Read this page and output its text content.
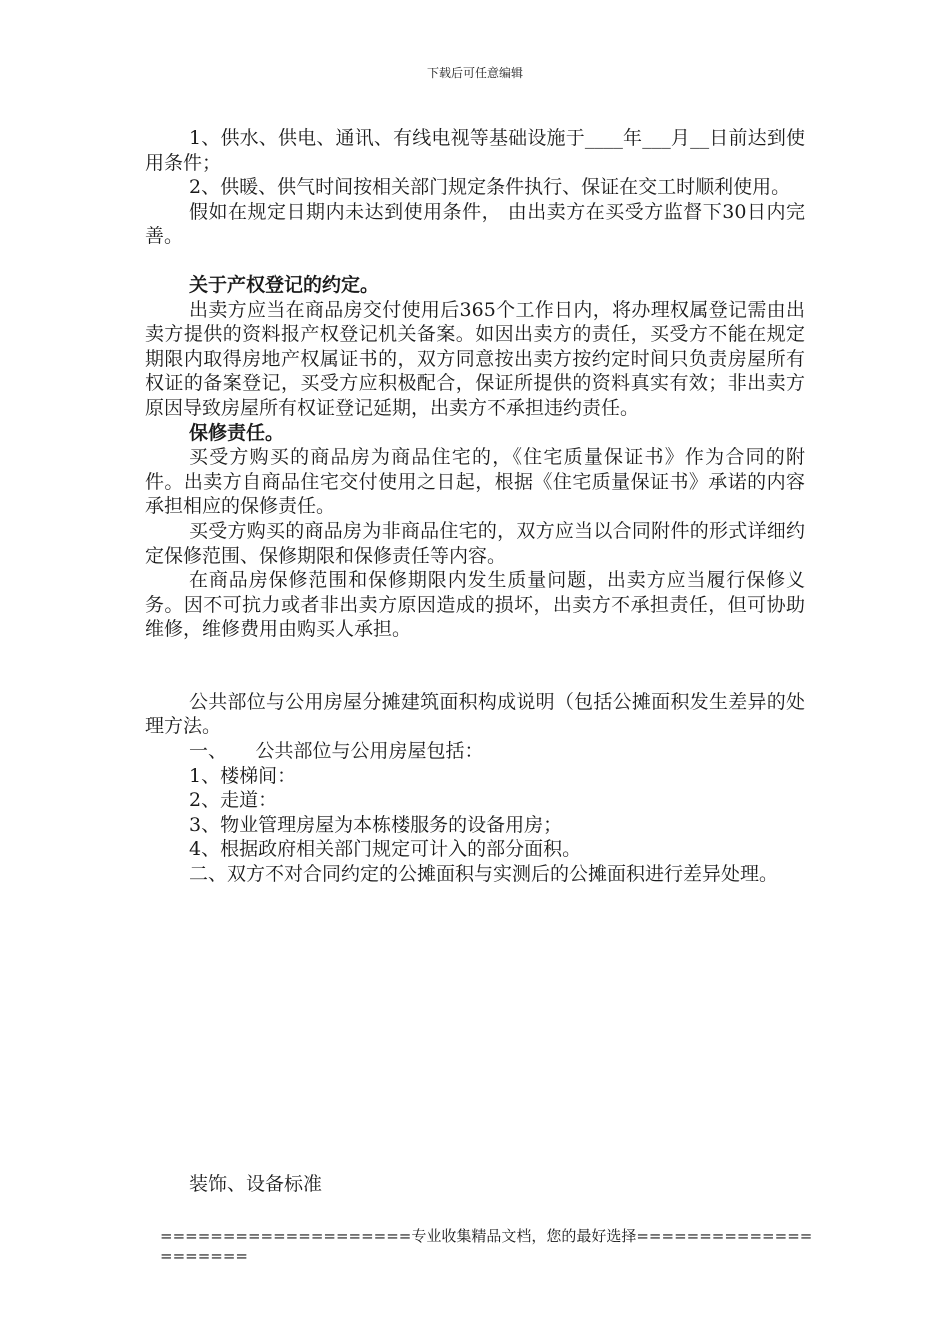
下载后可任意编辑

1、供水、供电、通讯、有线电视等基础设施于____年___月__日前达到使用条件；

2、供暖、供气时间按相关部门规定条件执行、保证在交工时顺利使用。

假如在规定日期内未达到使用条件， 由出卖方在买受方监督下30日内完善。

关于产权登记的约定。

出卖方应当在商品房交付使用后365个工作日内，将办理权属登记需由出卖方提供的资料报产权登记机关备案。如因出卖方的责任，买受方不能在规定期限内取得房地产权属证书的，双方同意按出卖方按约定时间只负责房屋所有权证的备案登记，买受方应积极配合，保证所提供的资料真实有效；非出卖方原因导致房屋所有权证登记延期，出卖方不承担违约责任。

保修责任。

买受方购买的商品房为商品住宅的，《住宅质量保证书》作为合同的附件。出卖方自商品住宅交付使用之日起，根据《住宅质量保证书》承诺的内容承担相应的保修责任。

买受方购买的商品房为非商品住宅的，双方应当以合同附件的形式详细约定保修范围、保修期限和保修责任等内容。

在商品房保修范围和保修期限内发生质量问题，出卖方应当履行保修义务。因不可抗力或者非出卖方原因造成的损坏，出卖方不承担责任，但可协助维修，维修费用由购买人承担。

公共部位与公用房屋分摊建筑面积构成说明（包括公摊面积发生差异的处理方法。

一、　　公共部位与公用房屋包括：

1、楼梯间：

2、走道：

3、物业管理房屋为本栋楼服务的设备用房；

4、根据政府相关部门规定可计入的部分面积。

二、双方不对合同约定的公摊面积与实测后的公摊面积进行差异处理。

装饰、设备标准
====================专业收集精品文档，您的最好选择=====================
